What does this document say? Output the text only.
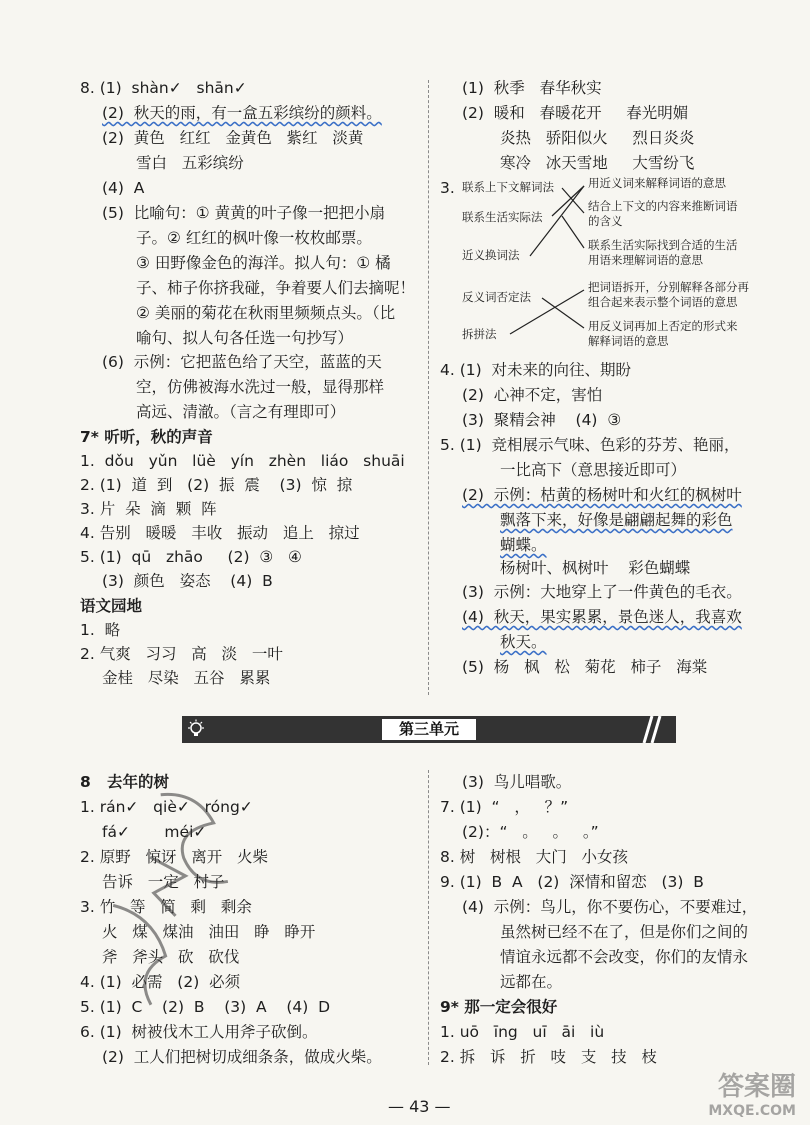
8. (1)  shàn✓   shān✓
(2)  秋天的雨，有一盒五彩缤纷的颜料。
(2)  黄色   红红   金黄色   紫红   淡黄
雪白   五彩缤纷
(4)  A
(5)  比喻句：① 黄黄的叶子像一把把小扇
子。② 红红的枫叶像一枚枚邮票。
③ 田野像金色的海洋。拟人句：① 橘
子、柿子你挤我碰，争着要人们去摘呢！
② 美丽的菊花在秋雨里频频点头。（比
喻句、拟人句各任选一句抄写）
(6)  示例：它把蓝色给了天空，蓝蓝的天
空，仿佛被海水洗过一般，显得那样
高远、清澈。（言之有理即可）
7* 听听，秋的声音
1.  dǒu   yǔn   lüè   yín   zhèn   liáo   shuāi
2. (1)  道  到   (2)  振  震    (3)  惊  掠
3. 片  朵  滴  颗  阵
4. 告别   暖暖   丰收   振动   追上   掠过
5. (1)  qū   zhāo     (2)  ③   ④
(3)  颜色   姿态    (4)  B
语文园地
1.  略
2. 气爽   习习   高   淡   一叶
金桂   尽染   五谷   累累
(1)  秋季   春华秋实
(2)  暖和   春暖花开     春光明媚
炎热   骄阳似火     烈日炎炎
寒冷   冰天雪地     大雪纷飞
3. 联系上下文解词法
联系生活实际法
近义换词法
反义词否定法
拆拼法
用近义词来解释词语的意思
结合上下文的内容来推断词语
的含义
联系生活实际找到合适的生活
用语来理解词语的意思
把词语拆开，分别解释各部分再
组合起来表示整个词语的意思
用反义词再加上否定的形式来
解释词语的意思
4. (1)  对未来的向往、期盼
(2)  心神不定，害怕
(3)  聚精会神    (4)  ③
5. (1)  竞相展示气味、色彩的芬芳、艳丽，
一比高下（意思接近即可）
(2)  示例：枯黄的杨树叶和火红的枫树叶
飘落下来，好像是翩翩起舞的彩色
蝴蝶。
杨树叶、枫树叶    彩色蝴蝶
(3)  示例：大地穿上了一件黄色的毛衣。
(4)  秋天，果实累累，景色迷人，我喜欢
秋天。
(5)  杨   枫   松   菊花   柿子   海棠
第三单元
8   去年的树
1. rán✓   qiè✓   róng✓
fá✓       méi✓
2. 原野   惊讶   离开   火柴
告诉   一定   村子
3. 竹   等   简   剩   剩余
火   煤   煤油   油田   睁   睁开
斧   斧头   砍   砍伐
4. (1)  必需   (2)  必须
5. (1)  C    (2)  B    (3)  A    (4)  D
6. (1)  树被伐木工人用斧子砍倒。
(2)  工人们把树切成细条条，做成火柴。
(3)  鸟儿唱歌。
7. (1)  “   ，   ？”
(2)：“   。   。   。”
8. 树   树根   大门   小女孩
9. (1)  B  A   (2)  深情和留恋   (3)  B
(4)  示例：鸟儿，你不要伤心，不要难过，
虽然树已经不在了，但是你们之间的
情谊永远都不会改变，你们的友情永
远都在。
9* 那一定会很好
1. uō   īng   uī   āi   iù
2. 拆   诉   折   吱   支   技   枝
— 43 —
答案圈
MXQE.COM
